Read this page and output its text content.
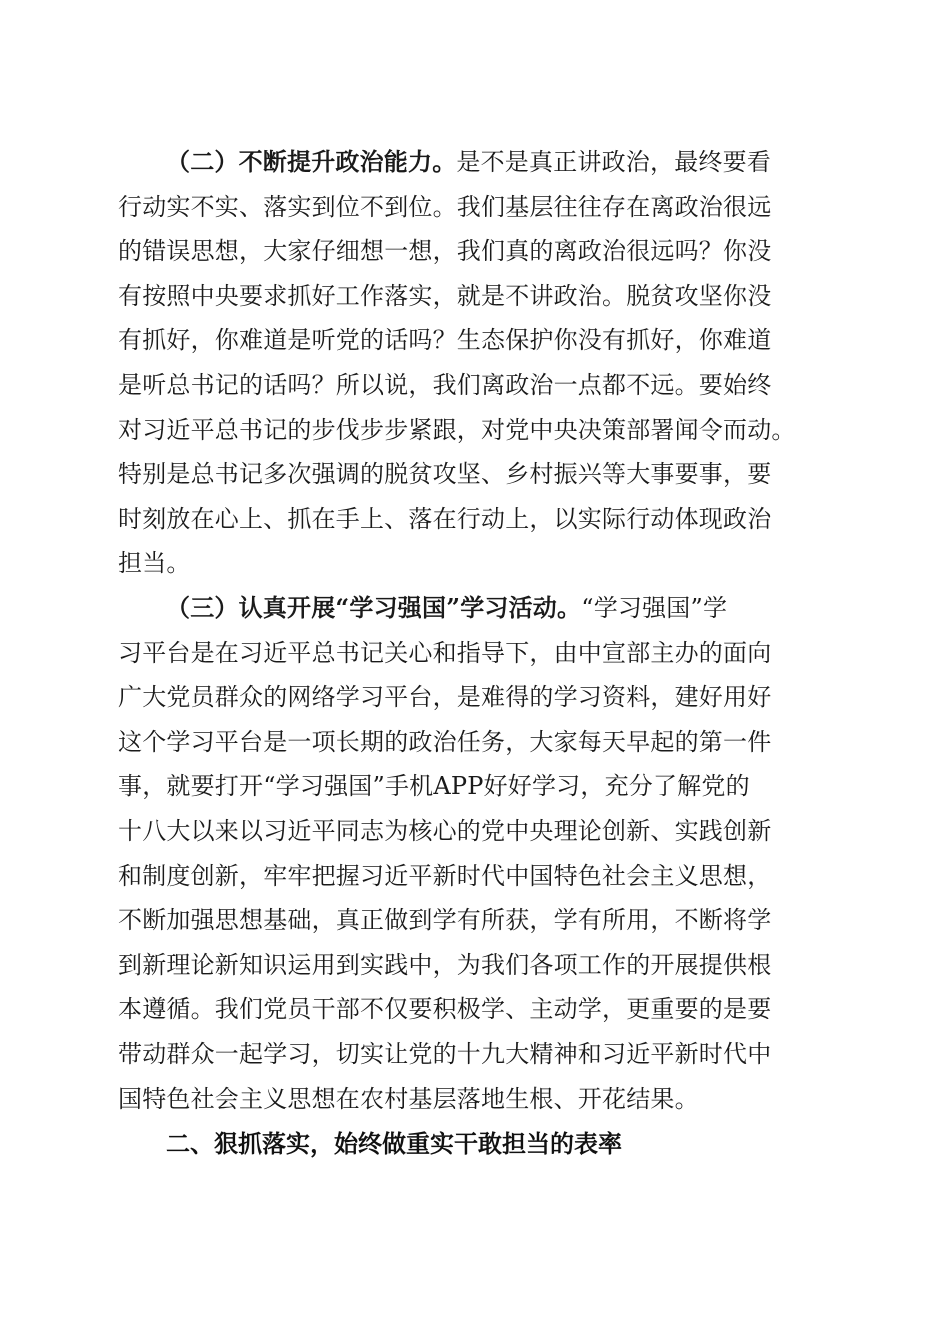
（二）不断提升政治能力。是不是真正讲政治，最终要看
行动实不实、落实到位不到位。我们基层往往存在离政治很远
的错误思想，大家仔细想一想，我们真的离政治很远吗？你没
有按照中央要求抓好工作落实，就是不讲政治。脱贫攻坚你没
有抓好，你难道是听党的话吗？生态保护你没有抓好，你难道
是听总书记的话吗？所以说，我们离政治一点都不远。要始终
对习近平总书记的步伐步步紧跟，对党中央决策部署闻令而动。
特别是总书记多次强调的脱贫攻坚、乡村振兴等大事要事，要
时刻放在心上、抓在手上、落在行动上，以实际行动体现政治
担当。
（三）认真开展“学习强国”学习活动。“学习强国”学
习平台是在习近平总书记关心和指导下，由中宣部主办的面向
广大党员群众的网络学习平台，是难得的学习资料，建好用好
这个学习平台是一项长期的政治任务，大家每天早起的第一件
事，就要打开“学习强国”手机APP好好学习，充分了解党的
十八大以来以习近平同志为核心的党中央理论创新、实践创新
和制度创新，牢牢把握习近平新时代中国特色社会主义思想，
不断加强思想基础，真正做到学有所获，学有所用，不断将学
到新理论新知识运用到实践中，为我们各项工作的开展提供根
本遵循。我们党员干部不仅要积极学、主动学，更重要的是要
带动群众一起学习，切实让党的十九大精神和习近平新时代中
国特色社会主义思想在农村基层落地生根、开花结果。
二、狠抓落实，始终做重实干敢担当的表率
